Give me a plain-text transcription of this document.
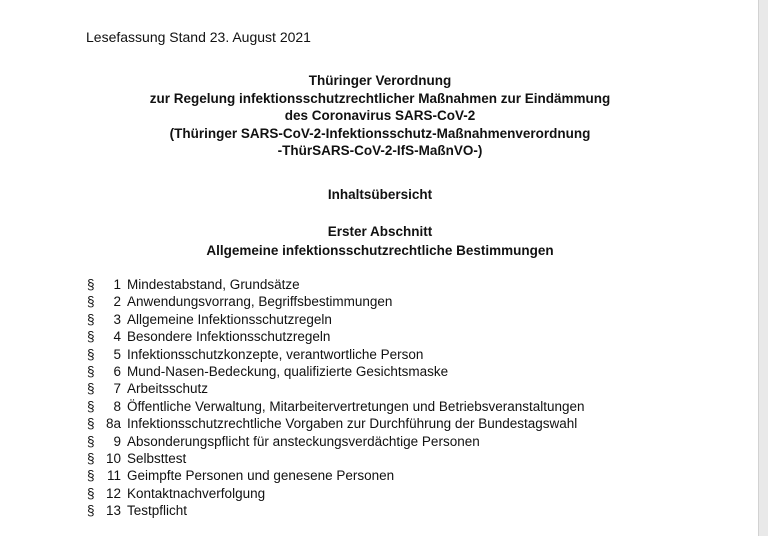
Lesefassung Stand 23. August 2021
Thüringer Verordnung
zur Regelung infektionsschutzrechtlicher Maßnahmen zur Eindämmung
des Coronavirus SARS-CoV-2
(Thüringer SARS-CoV-2-Infektionsschutz-Maßnahmenverordnung
-ThürSARS-CoV-2-IfS-MaßnVO-)
Inhaltsübersicht
Erster Abschnitt
Allgemeine infektionsschutzrechtliche Bestimmungen
§ 1 Mindestabstand, Grundsätze
§ 2 Anwendungsvorrang, Begriffsbestimmungen
§ 3 Allgemeine Infektionsschutzregeln
§ 4 Besondere Infektionsschutzregeln
§ 5 Infektionsschutzkonzepte, verantwortliche Person
§ 6 Mund-Nasen-Bedeckung, qualifizierte Gesichtsmaske
§ 7 Arbeitsschutz
§ 8 Öffentliche Verwaltung, Mitarbeitervertretungen und Betriebsveranstaltungen
§ 8a Infektionsschutzrechtliche Vorgaben zur Durchführung der Bundestagswahl
§ 9 Absonderungspflicht für ansteckungsverdächtige Personen
§ 10 Selbsttest
§ 11 Geimpfte Personen und genesene Personen
§ 12 Kontaktnachverfolgung
§ 13 Testpflicht
